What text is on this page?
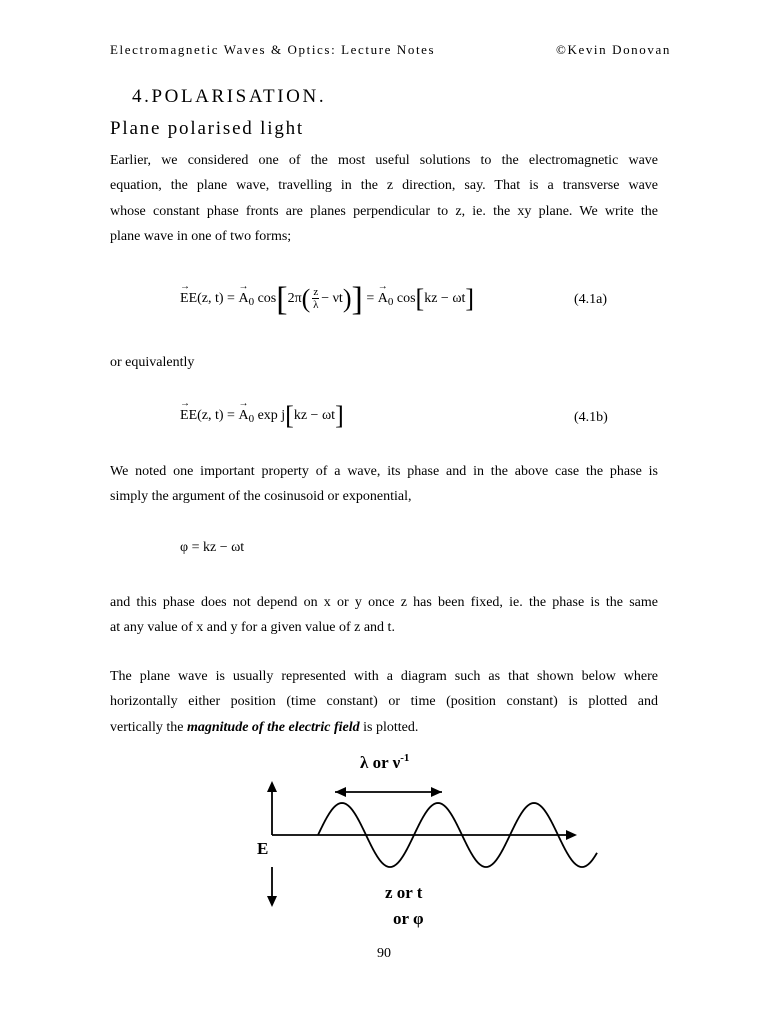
Electromagnetic Waves & Optics: Lecture Notes	©Kevin Donovan
4.POLARISATION.
Plane polarised light
Earlier, we considered one of the most useful solutions to the electromagnetic wave
equation, the plane wave, travelling in the z direction, say. That is a transverse wave
whose constant phase fronts are planes perpendicular to z, ie. the xy plane. We write the
plane wave in one of two forms;
→ EE(z, t) = → $A_0$ $\cos[2\pi( \frac{z}{\lambda} - \nu t)]$ = → $A_0$ cos[kz − ωt]	(4.1a)
or equivalently
→ EE(z, t) = → $A_0$ exp j[kz − ωt]	(4.1b)
We noted one important property of a wave, its phase and in the above case the phase is
simply the argument of the cosinusoid or exponential,
φ = kz − ωt
and this phase does not depend on x or y once z has been fixed, ie. the phase is the same
at any value of x and y for a given value of z and t.
The plane wave is usually represented with a diagram such as that shown below where
horizontally either position (time constant) or time (position constant) is plotted and
vertically the magnitude of the electric field is plotted.
λ or $\nu^{-1}$
E
z or t
or φ
90
